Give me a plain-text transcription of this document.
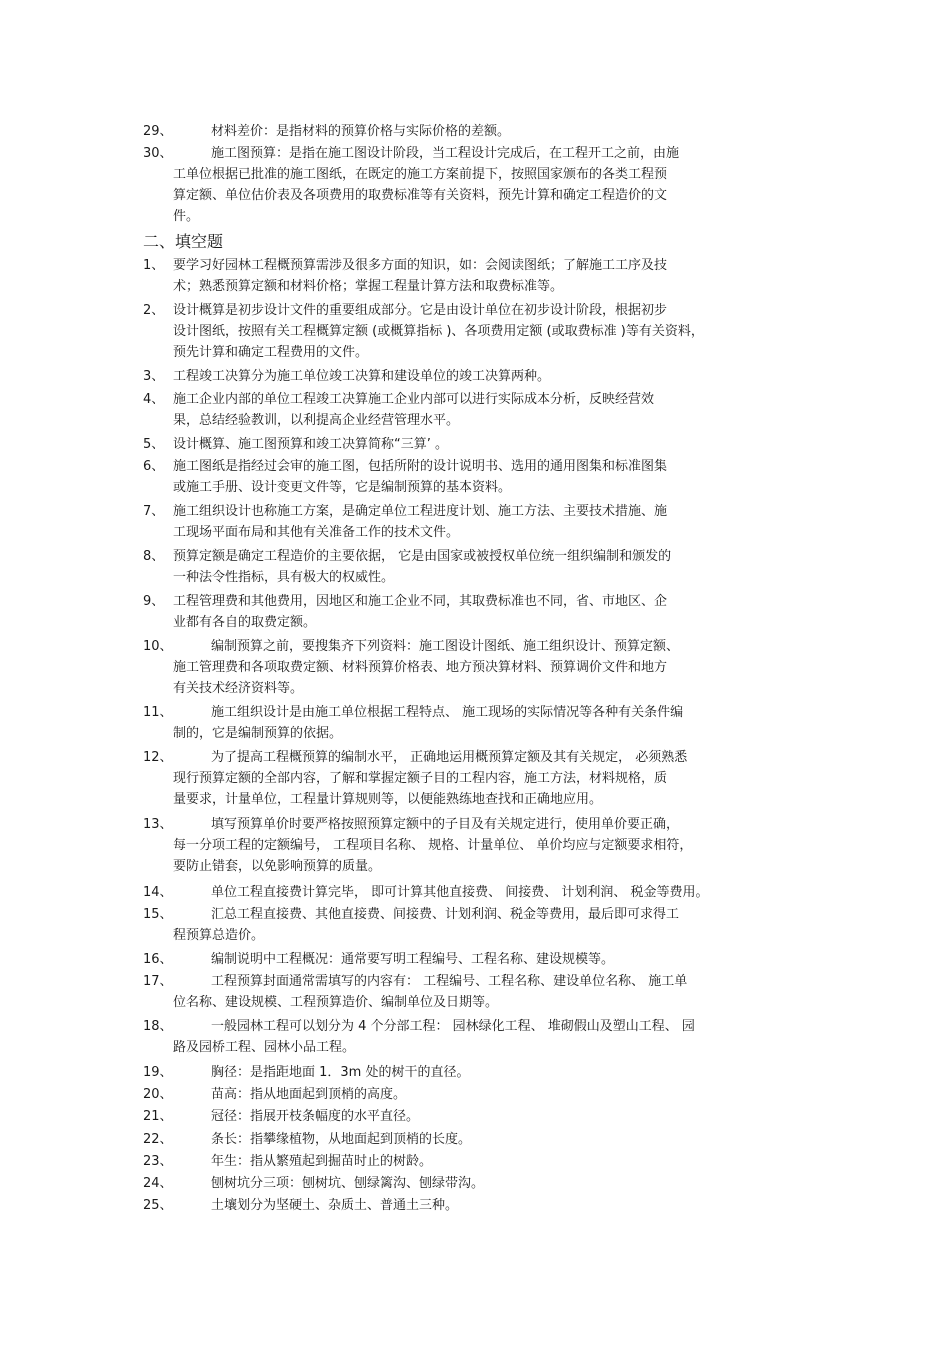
29、	材料差价：是指材料的预算价格与实际价格的差额。
30、	施工图预算：是指在施工图设计阶段，当工程设计完成后，在工程开工之前，由施
工单位根据已批准的施工图纸，在既定的施工方案前提下，按照国家颁布的各类工程预
算定额、单位估价表及各项费用的取费标准等有关资料，预先计算和确定工程造价的文
件。
二、填空题
1、 要学习好园林工程概预算需涉及很多方面的知识，如：会阅读图纸；了解施工工序及技
术；熟悉预算定额和材料价格；掌握工程量计算方法和取费标准等。
2、 设计概算是初步设计文件的重要组成部分。它是由设计单位在初步设计阶段，根据初步
设计图纸，按照有关工程概算定额 (或概算指标 )、各项费用定额 (或取费标准 )等有关资料，
预先计算和确定工程费用的文件。
3、 工程竣工决算分为施工单位竣工决算和建设单位的竣工决算两种。
4、 施工企业内部的单位工程竣工决算施工企业内部可以进行实际成本分析，反映经营效
果，总结经验教训，以利提高企业经营管理水平。
5、 设计概算、施工图预算和竣工决算简称“三算’ 。
6、 施工图纸是指经过会审的施工图，包括所附的设计说明书、选用的通用图集和标准图集
或施工手册、设计变更文件等，它是编制预算的基本资料。
7、 施工组织设计也称施工方案，是确定单位工程进度计划、施工方法、主要技术措施、施
工现场平面布局和其他有关准备工作的技术文件。
8、 预算定额是确定工程造价的主要依据， 它是由国家或被授权单位统一组织编制和颁发的
一种法令性指标，具有极大的权威性。
9、 工程管理费和其他费用，因地区和施工企业不同，其取费标准也不同，省、市地区、企
业都有各自的取费定额。
10、	编制预算之前，要搜集齐下列资料：施工图设计图纸、施工组织设计、预算定额、
施工管理费和各项取费定额、材料预算价格表、地方预决算材料、预算调价文件和地方
有关技术经济资料等。
11、	施工组织设计是由施工单位根据工程特点、 施工现场的实际情况等各种有关条件编
制的，它是编制预算的依据。
12、	为了提高工程概预算的编制水平， 正确地运用概预算定额及其有关规定， 必须熟悉
现行预算定额的全部内容，了解和掌握定额子目的工程内容，施工方法，材料规格，质
量要求，计量单位，工程量计算规则等，以便能熟练地查找和正确地应用。
13、	填写预算单价时要严格按照预算定额中的子目及有关规定进行，使用单价要正确，
每一分项工程的定额编号， 工程项目名称、 规格、计量单位、 单价均应与定额要求相符，
要防止错套，以免影响预算的质量。
14、	单位工程直接费计算完毕， 即可计算其他直接费、 间接费、 计划利润、 税金等费用。
15、	汇总工程直接费、其他直接费、间接费、计划利润、税金等费用，最后即可求得工
程预算总造价。
16、	编制说明中工程概况：通常要写明工程编号、工程名称、建设规模等。
17、	工程预算封面通常需填写的内容有： 工程编号、工程名称、建设单位名称、 施工单
位名称、建设规模、工程预算造价、编制单位及日期等。
18、	一般园林工程可以划分为 4 个分部工程： 园林绿化工程、 堆砌假山及塑山工程、 园
路及园桥工程、园林小品工程。
19、	胸径：是指距地面 1．3m 处的树干的直径。
20、	苗高：指从地面起到顶梢的高度。
21、	冠径：指展开枝条幅度的水平直径。
22、	条长：指攀缘植物，从地面起到顶梢的长度。
23、	年生：指从繁殖起到掘苗时止的树龄。
24、	刨树坑分三项：刨树坑、刨绿篱沟、刨绿带沟。
25、	土壤划分为坚硬土、杂质土、普通土三种。
